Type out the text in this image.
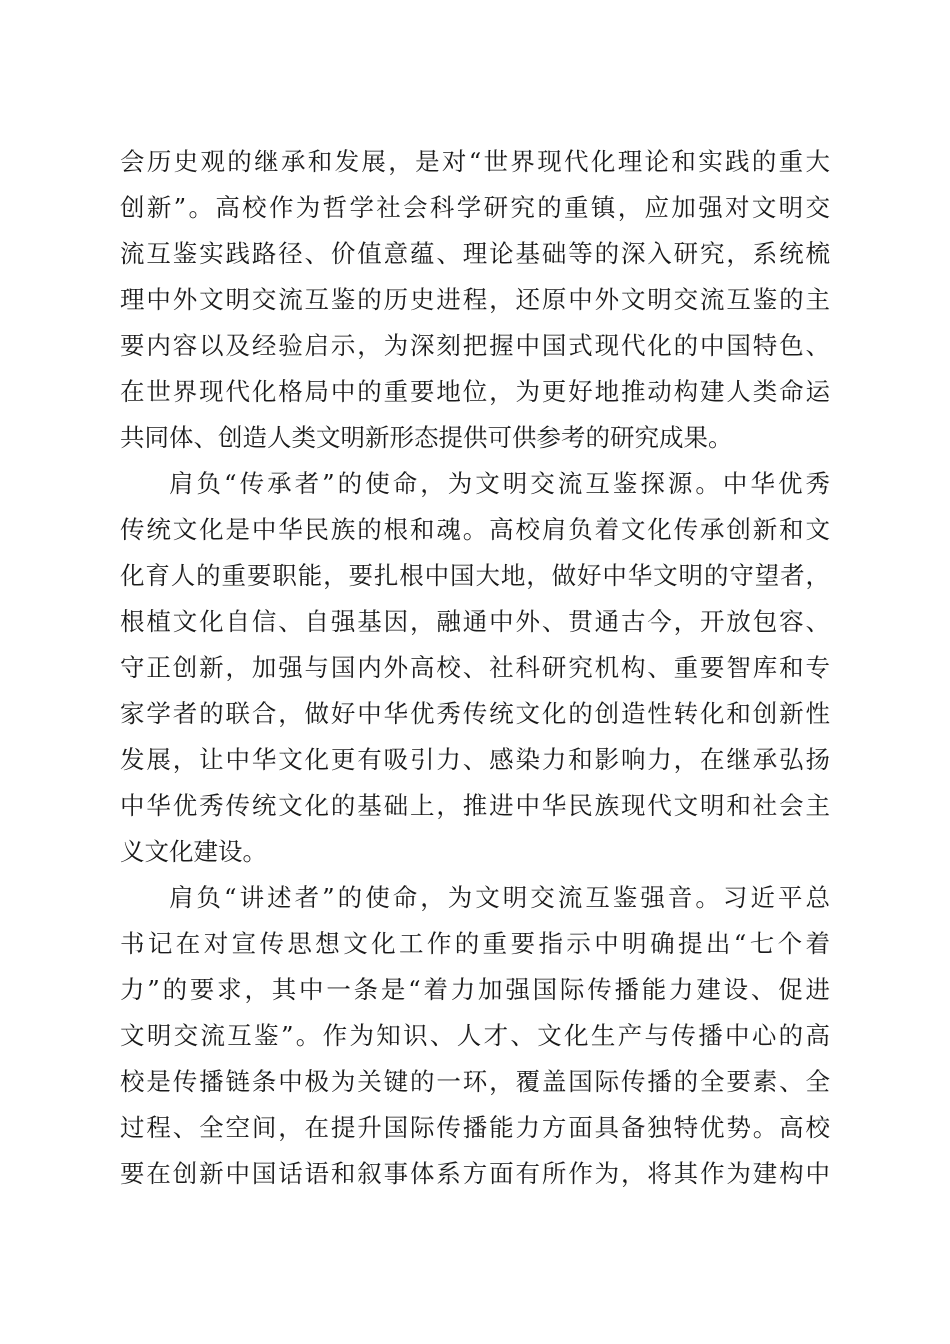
会历史观的继承和发展，是对“世界现代化理论和实践的重大
创新”。高校作为哲学社会科学研究的重镇，应加强对文明交
流互鉴实践路径、价值意蕴、理论基础等的深入研究，系统梳
理中外文明交流互鉴的历史进程，还原中外文明交流互鉴的主
要内容以及经验启示，为深刻把握中国式现代化的中国特色、
在世界现代化格局中的重要地位，为更好地推动构建人类命运
共同体、创造人类文明新形态提供可供参考的研究成果。
肩负“传承者”的使命，为文明交流互鉴探源。中华优秀
传统文化是中华民族的根和魂。高校肩负着文化传承创新和文
化育人的重要职能，要扎根中国大地，做好中华文明的守望者，
根植文化自信、自强基因，融通中外、贯通古今，开放包容、
守正创新，加强与国内外高校、社科研究机构、重要智库和专
家学者的联合，做好中华优秀传统文化的创造性转化和创新性
发展，让中华文化更有吸引力、感染力和影响力，在继承弘扬
中华优秀传统文化的基础上，推进中华民族现代文明和社会主
义文化建设。
肩负“讲述者”的使命，为文明交流互鉴强音。习近平总
书记在对宣传思想文化工作的重要指示中明确提出“七个着
力”的要求，其中一条是“着力加强国际传播能力建设、促进
文明交流互鉴”。作为知识、人才、文化生产与传播中心的高
校是传播链条中极为关键的一环，覆盖国际传播的全要素、全
过程、全空间，在提升国际传播能力方面具备独特优势。高校
要在创新中国话语和叙事体系方面有所作为，将其作为建构中
